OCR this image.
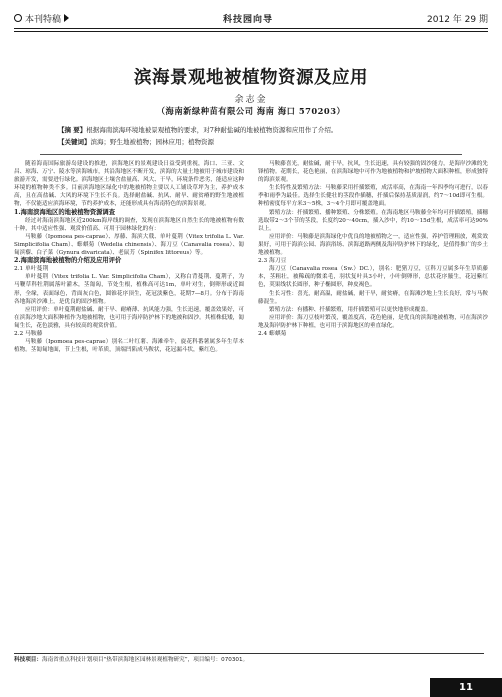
本刊特稿	科技园向导	2012 年 29 期
滨海景观地被植物资源及应用
余志金
（海南新绿种苗有限公司 海南 海口 570203）
【摘 要】根据海南滨海环境地被景观植物的要求，对7种耐盐碱的地被植物资源和应用作了介绍。
【关键词】滨海；野生地被植物；园林应用；植物资源

随着海南国际旅游岛建设的推进，滨海地区的景观建设日益受到重视，海口、三亚、文昌、琼海、万宁、陵水等滨海城市，其沿海地区不断开发，滨海的大量土地被用于城市建设和旅游开发，需要进行绿化。滨海地区土壤含盐量高、风大、干旱，环境条件恶劣，能适应这种环境的植物种类不多。目前滨海地区绿化中的地被植物主要以人工铺设草坪为主，养护成本高，且在高盐碱、大风的环境下生长不良。选择耐盐碱、抗风、耐旱、耐贫瘠的野生地被植物，不仅能适应滨海环境，节约养护成本，还能形成具有海南特色的滨海景观。

1.海南滨海地区的地被植物资源调查

经过对海南滨海地区近200km海岸线的调查，发现在滨海地区自然生长的地被植物有数十种，其中适应性强、观赏价值高、可用于园林绿化的有：

马鞍藤（Ipomoea pes-caprae）、厚藤、海滨大戟、单叶蔓荆（Vitex trifolia L. Var. Simplicifolia Cham）、蟛蜞菊（Wedelia chinensis）、海刀豆（Canavalia rosea）、匍匐滨藜、白子菜（Gynura divaricata）、老鼠艻（Spinifex littoreus）等。

2.海南滨海地被植物的介绍及应用评价

2.1 单叶蔓荆

单叶蔓荆（Vitex trifolia L. Var. Simplicifolia Cham），又称白背蔓荆、蔓荆子，为马鞭草科牡荆属落叶灌木，茎匍匐，节处生根，植株高可达1m，单叶对生，倒卵形或近圆形，全缘，表面绿色，背面灰白色，圆锥花序顶生，花冠淡紫色，花期7—8月。分布于海南各地海滨沙滩上，是优良的固沙植物。

应用评价：单叶蔓荆耐盐碱、耐干旱、耐瘠薄、抗风能力强，生长迅速，覆盖效果好，可在滨海沙地大面积种植作为地被植物，也可用于海岸防护林下的地被和固沙。其植株低矮，匍匐生长，花色淡雅，具有较高的观赏价值。

2.2 马鞍藤

马鞍藤（Ipomoea pes-caprae）别名二叶红薯、海滩牵牛，旋花科番薯属多年生草本植物。茎匍匐地面，节上生根，叶革质，顶端凹陷成马鞍状，花冠漏斗状，紫红色。

马鞍藤喜光，耐盐碱，耐干旱，抗风，生长迅速，具有较强的固沙能力，是海岸沙滩的先锋植物。花期长，花色艳丽，在滨海绿地中可作为地被植物和护坡植物大面积种植，形成独特的海滨景观。

生长特性及繁殖方法：马鞍藤采用扦插繁殖，成活率高，在海南一年四季均可进行，以春季和雨季为最佳。选择生长健壮的茎段作插穗，扦插后保持基质湿润，约7～10d即可生根。种植密度每平方米3～5株，3～4个月即可覆盖地面。

繁殖方法：扦插繁殖、播种繁殖、分株繁殖。在海南地区马鞍藤全年均可扦插繁殖，插穗选取带2～3个节的茎段，长度约20～40cm，插入沙中，约10～15d生根，成活率可达90%以上。

应用评价：马鞍藤是滨海绿化中优良的地被植物之一，适应性强，养护管理粗放，观赏效果好，可用于海滨公园、海滨浴场、滨海道路两侧及海岸防护林下的绿化，是值得推广的乡土地被植物。

2.3 海刀豆

海刀豆（Canavalia rosea（Sw.）DC.），别名：肥猪刀豆，豆科刀豆属多年生草质藤本，茎粗壮，被稀疏的微柔毛，羽状复叶具3小叶，小叶倒卵形，总状花序腋生，花冠紫红色，荚果线状长圆形，种子椭圆形，种皮褐色。

生长习性：喜光，耐高温，耐盐碱，耐干旱，耐贫瘠，在海滩沙地上生长良好，常与马鞍藤混生。

繁殖方法：有播种、扦插繁殖，用扦插繁殖可以更快地形成覆盖。

应用评价：海刀豆枝叶繁茂，覆盖度高，花色艳丽，是优良的滨海地被植物，可在海滨沙地及海岸防护林下种植，也可用于滨海地区的垂直绿化。

2.4 蟛蜞菊

科技项目：海南省重点科技计划项目“热带滨海地区园林景观植物研究”，项目编号：070301。
11
